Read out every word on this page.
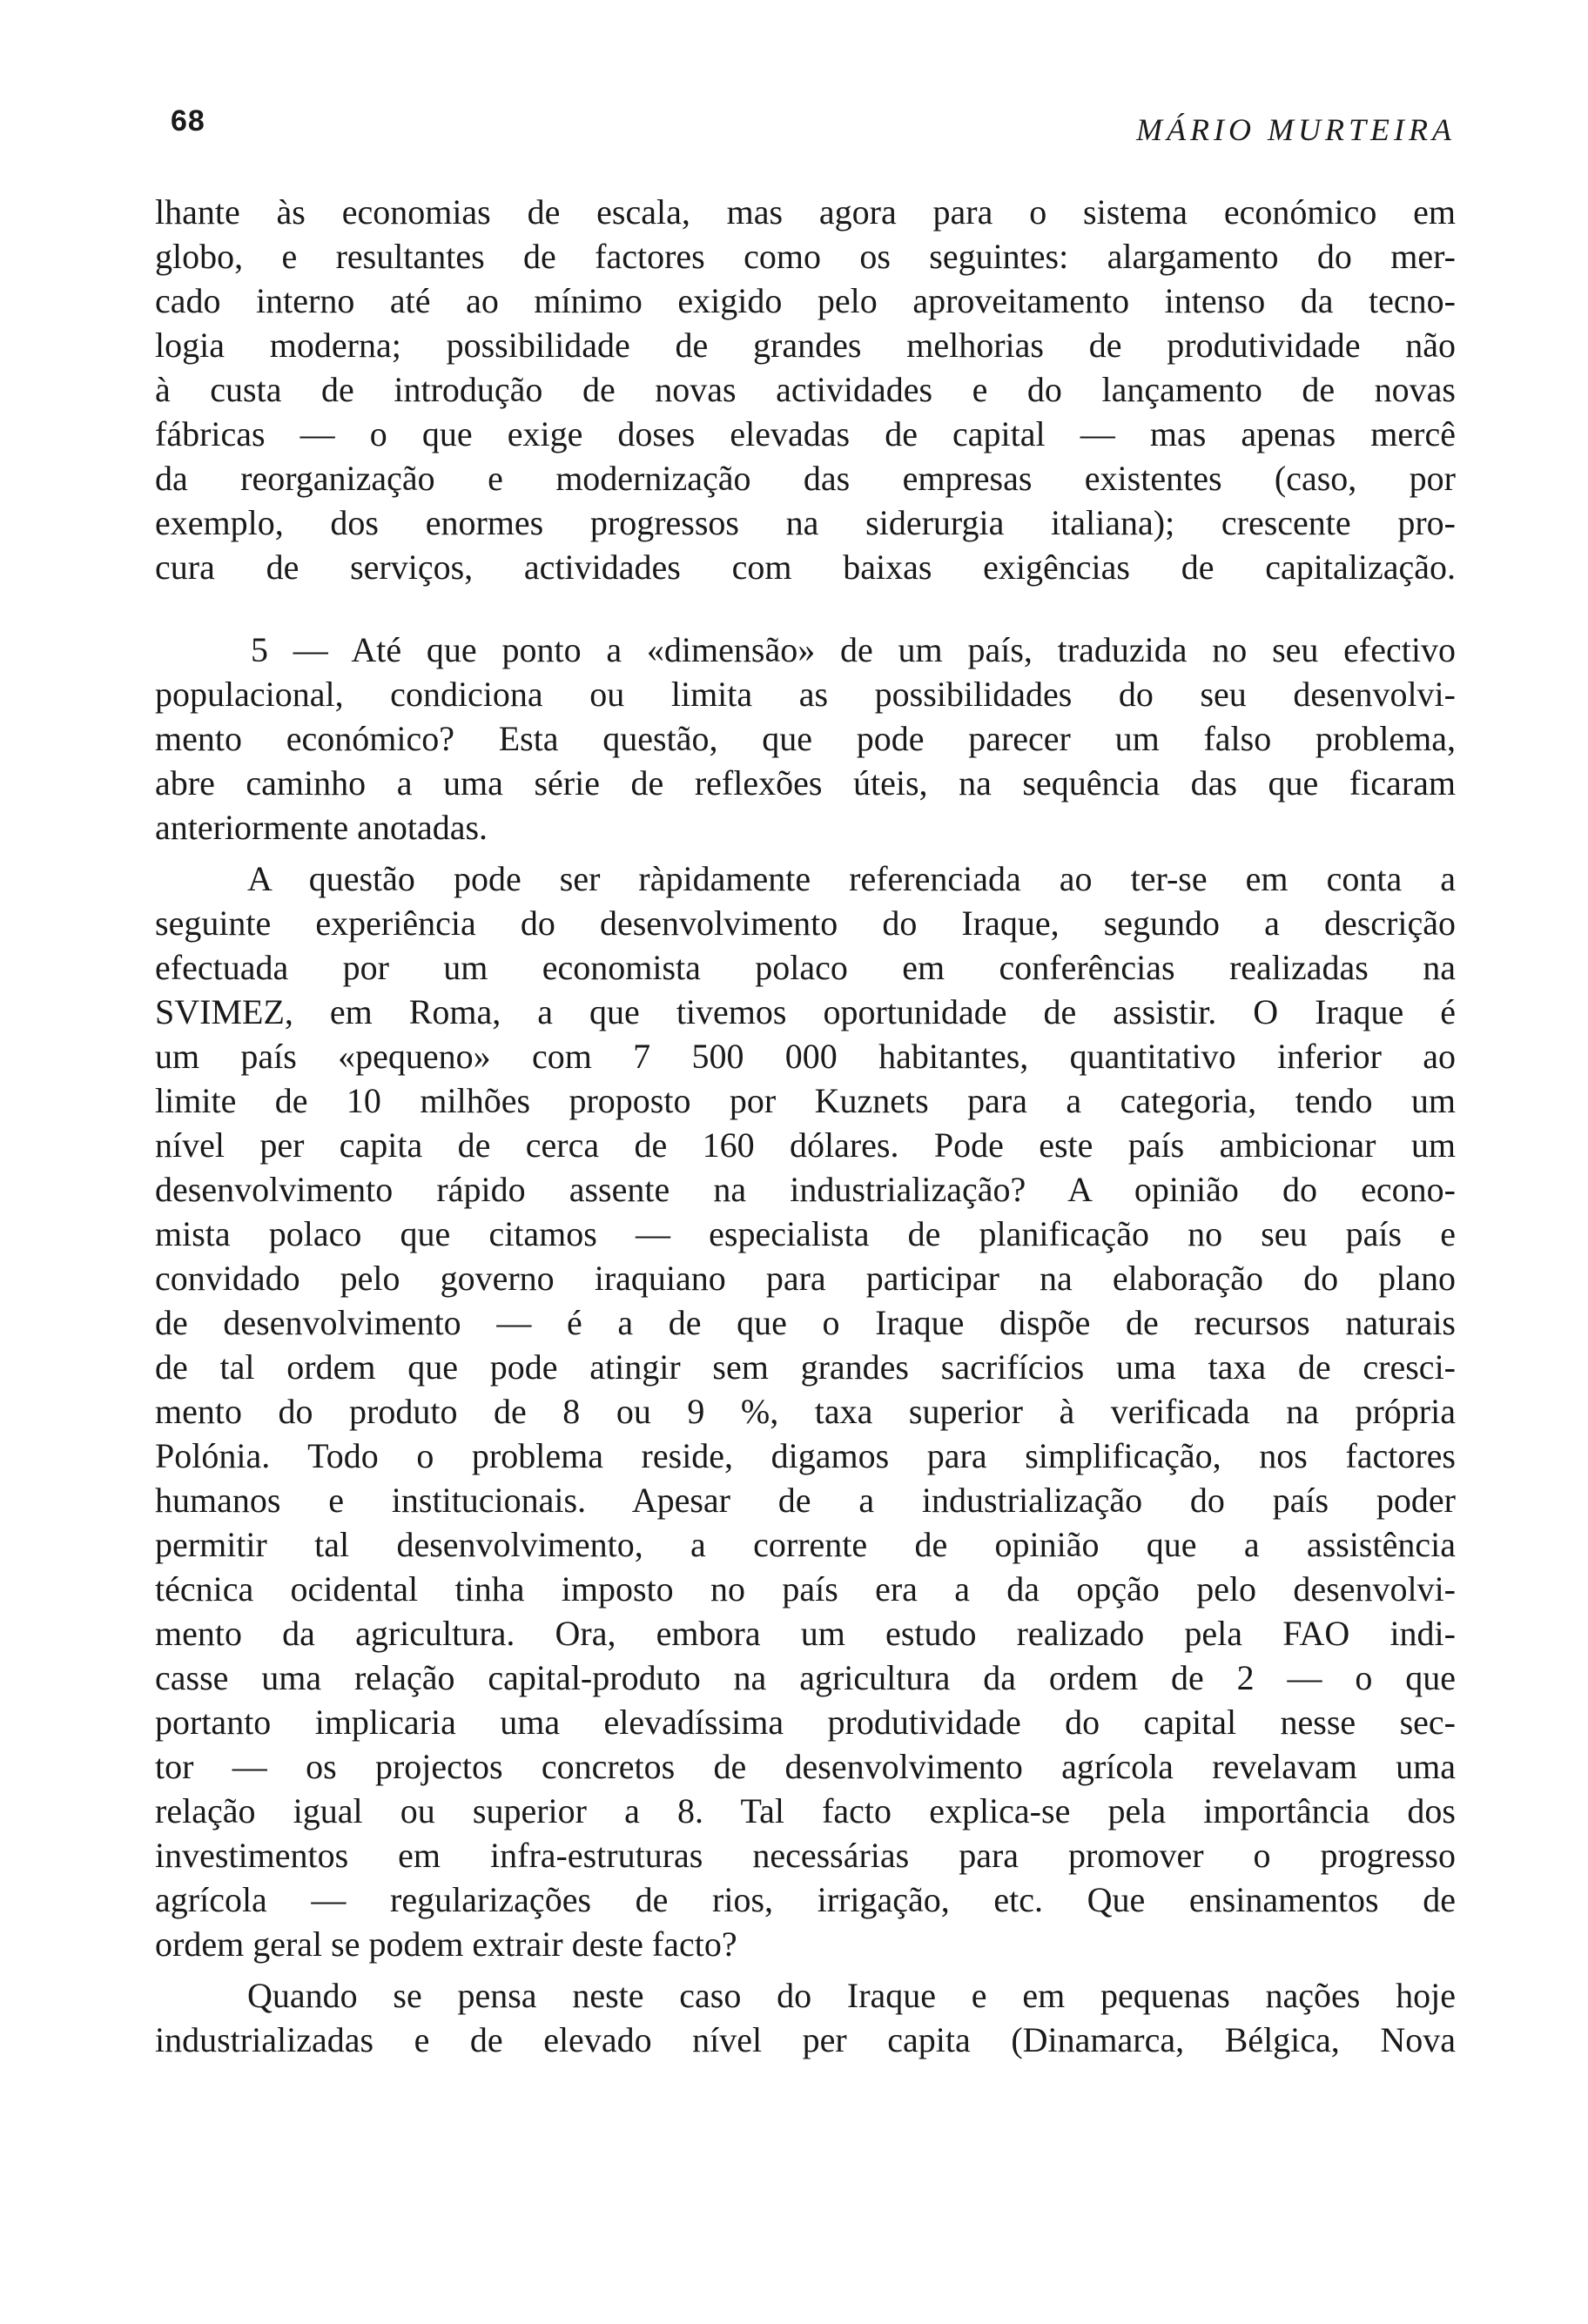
68	MÁRIO MURTEIRA
lhante às economias de escala, mas agora para o sistema económico em
globo, e resultantes de factores como os seguintes: alargamento do mer-
cado interno até ao mínimo exigido pelo aproveitamento intenso da tecno-
logia moderna; possibilidade de grandes melhorias de produtividade não
à custa de introdução de novas actividades e do lançamento de novas
fábricas — o que exige doses elevadas de capital — mas apenas mercê
da reorganização e modernização das empresas existentes (caso, por
exemplo, dos enormes progressos na siderurgia italiana); crescente pro-
cura de serviços, actividades com baixas exigências de capitalização.
5 — Até que ponto a «dimensão» de um país, traduzida no seu efectivo
populacional, condiciona ou limita as possibilidades do seu desenvolvi-
mento económico? Esta questão, que pode parecer um falso problema,
abre caminho a uma série de reflexões úteis, na sequência das que ficaram
anteriormente anotadas.
A questão pode ser ràpidamente referenciada ao ter-se em conta a
seguinte experiência do desenvolvimento do Iraque, segundo a descrição
efectuada por um economista polaco em conferências realizadas na
SVIMEZ, em Roma, a que tivemos oportunidade de assistir. O Iraque é
um país «pequeno» com 7 500 000 habitantes, quantitativo inferior ao
limite de 10 milhões proposto por Kuznets para a categoria, tendo um
nível per capita de cerca de 160 dólares. Pode este país ambicionar um
desenvolvimento rápido assente na industrialização? A opinião do econo-
mista polaco que citamos — especialista de planificação no seu país e
convidado pelo governo iraquiano para participar na elaboração do plano
de desenvolvimento — é a de que o Iraque dispõe de recursos naturais
de tal ordem que pode atingir sem grandes sacrifícios uma taxa de cresci-
mento do produto de 8 ou 9 %, taxa superior à verificada na própria
Polónia. Todo o problema reside, digamos para simplificação, nos factores
humanos e institucionais. Apesar de a industrialização do país poder
permitir tal desenvolvimento, a corrente de opinião que a assistência
técnica ocidental tinha imposto no país era a da opção pelo desenvolvi-
mento da agricultura. Ora, embora um estudo realizado pela FAO indi-
casse uma relação capital-produto na agricultura da ordem de 2 — o que
portanto implicaria uma elevadíssima produtividade do capital nesse sec-
tor — os projectos concretos de desenvolvimento agrícola revelavam uma
relação igual ou superior a 8. Tal facto explica-se pela importância dos
investimentos em infra-estruturas necessárias para promover o progresso
agrícola — regularizações de rios, irrigação, etc. Que ensinamentos de
ordem geral se podem extrair deste facto?
Quando se pensa neste caso do Iraque e em pequenas nações hoje
industrializadas e de elevado nível per capita (Dinamarca, Bélgica, Nova
